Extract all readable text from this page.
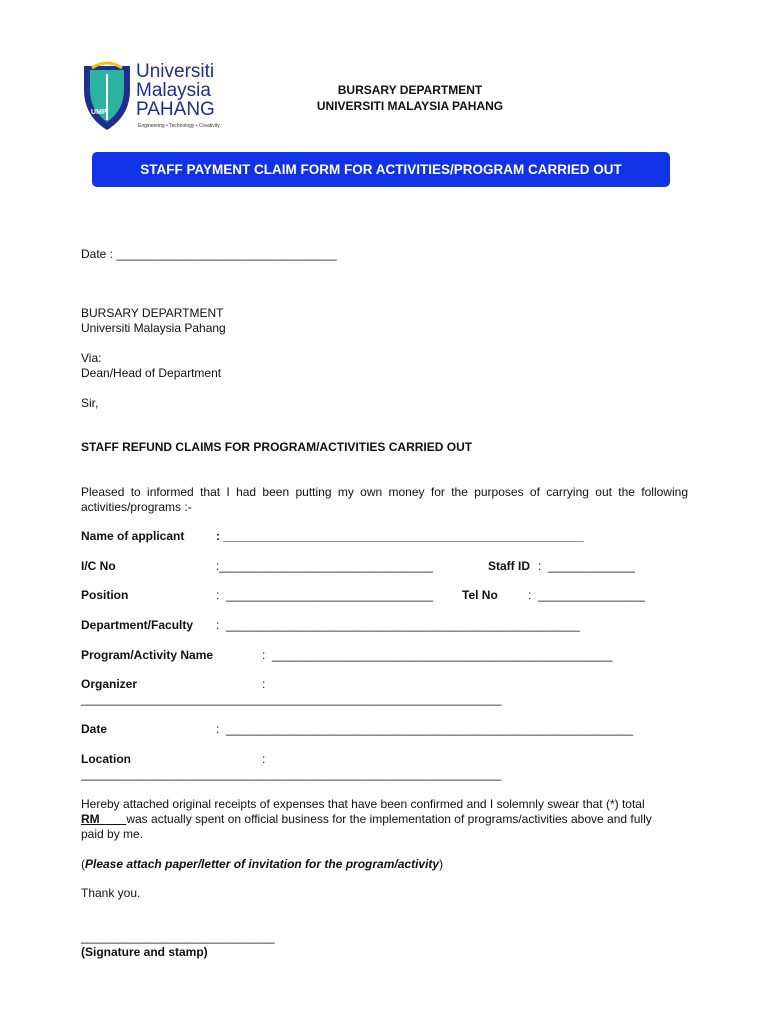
UMP
Universiti
Malaysia
PAHANG
Engineering • Technology • Creativity
BURSARY DEPARTMENT
UNIVERSITI MALAYSIA PAHANG
STAFF PAYMENT CLAIM FORM FOR ACTIVITIES/PROGRAM CARRIED OUT
Date : _________________________________
BURSARY DEPARTMENT
Universiti Malaysia Pahang
Via:
Dean/Head of Department
Sir,
STAFF REFUND CLAIMS FOR PROGRAM/ACTIVITIES CARRIED OUT
Pleased to informed that I had been putting my own money for the purposes of carrying out the following activities/programs :-
Name of applicant	: ______________________________________________________
I/C No	:________________________________	Staff ID :  _____________
Position	:  _______________________________ Tel No	:  ________________
Department/Faculty :  _____________________________________________________
Program/Activity Name	:  ___________________________________________________
Organizer	:
_______________________________________________________________
Date	:  _____________________________________________________________
Location	:
_______________________________________________________________
Hereby attached original receipts of expenses that have been confirmed and I solemnly swear that (*) total
RM was actually spent on official business for the implementation of programs/activities above and fully
paid by me.
(Please attach paper/letter of invitation for the program/activity)
Thank you.
_____________________________
(Signature and stamp)
